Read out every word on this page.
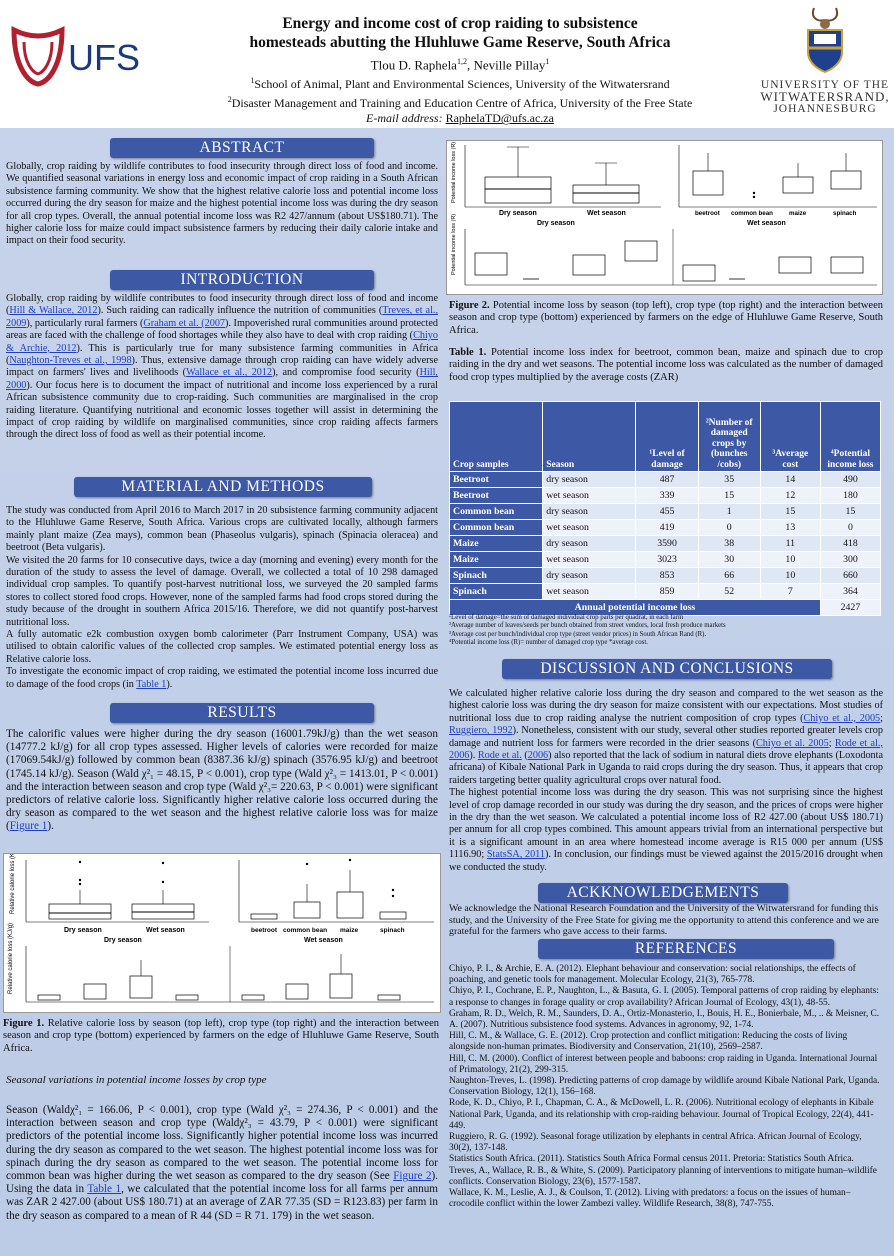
UFS
Energy and income cost of crop raiding to subsistence
homesteads abutting the Hluhluwe Game Reserve, South Africa
Tlou D. Raphela$^{1,2}$, Neville Pillay$^1$
$^1$School of Animal, Plant and Environmental Sciences, University of the Witwatersrand
$^2$Disaster Management and Training and Education Centre of Africa, University of the Free State
E-mail address: RaphelaTD@ufs.ac.za
UNIVERSITY OF THE
WITWATERSRAND,
JOHANNESBURG
ABSTRACT
Globally, crop raiding by wildlife contributes to food insecurity through direct loss of food and income. We quantified seasonal variations in energy loss and economic impact of crop raiding in a South African subsistence farming community. We show that the highest relative calorie loss and potential income loss occurred during the dry season for maize and the highest potential income loss was during the dry season for all crop types. Overall, the annual potential income loss was R2 427/annum (about US$180.71). The higher calorie loss for maize could impact subsistence farmers by reducing their daily calorie intake and impact on their food security.
INTRODUCTION
Globally, crop raiding by wildlife contributes to food insecurity through direct loss of food and income (Hill & Wallace, 2012). Such raiding can radically influence the nutrition of communities (Treves, et al., 2009), particularly rural farmers (Graham et al. (2007). Impoverished rural communities around protected areas are faced with the challenge of food shortages while they also have to deal with crop raiding (Chiyo & Archie, 2012). This is particularly true for many subsistence farming communities in Africa (Naughton-Treves et al., 1998). Thus, extensive damage through crop raiding can have widely adverse impact on farmers' lives and livelihoods (Wallace et al., 2012), and compromise food security (Hill, 2000). Our focus here is to document the impact of nutritional and income loss experienced by a rural African subsistence community due to crop-raiding. Such communities are marginalised in the crop raiding literature. Quantifying nutritional and economic losses together will assist in determining the impact of crop raiding by wildlife on marginalised communities, since crop raiding affects farmers through the direct loss of food as well as their potential income.
MATERIAL AND METHODS

The study was conducted from April 2016 to March 2017 in 20 subsistence farming community adjacent to the Hluhluwe Game Reserve, South Africa. Various crops are cultivated locally, although farmers mainly plant maize (Zea mays), common bean (Phaseolus vulgaris), spinach (Spinacia oleracea) and beetroot (Beta vulgaris).

We visited the 20 farms for 10 consecutive days, twice a day (morning and evening) every month for the duration of the study to assess the level of damage. Overall, we collected a total of 10 298 damaged individual crop samples. To quantify post-harvest nutritional loss, we surveyed the 20 sampled farms stores to collect stored food crops. However, none of the sampled farms had food crops stored during the study because of the drought in southern Africa 2015/16. Therefore, we did not quantify post-harvest nutritional loss.

A fully automatic e2k combustion oxygen bomb calorimeter (Parr Instrument Company, USA) was utilised to obtain calorific values of the collected crop samples. We estimated potential energy loss as Relative calorie loss.

To investigate the economic impact of crop raiding, we estimated the potential income loss incurred due to damage of the food crops (in Table 1).

RESULTS
The calorific values were higher during the dry season (16001.79kJ/g) than the wet season (14777.2 kJ/g) for all crop types assessed. Higher levels of calories were recorded for maize (17069.54kJ/g) followed by common bean (8387.36 kJ/g) spinach (3576.95 kJ/g) and beetroot (1745.14 kJ/g). Season (Wald χ²₁ = 48.15, P < 0.001), crop type (Wald χ²₃ = 1413.01, P < 0.001) and the interaction between season and crop type (Wald χ²₃= 220.63, P < 0.001) were significant predictors of relative calorie loss. Significantly higher relative calorie loss occurred during the dry season as compared to the wet season and the highest relative calorie loss was for maize (Figure 1).
Dry season	Wet season
Relative calorie loss (KJ/g)
beetroot common bean maize	spinach
Dry season	Wet season
Relative calorie loss (KJ/g)
Figure 1. Relative calorie loss by season (top left), crop type (top right) and the interaction between season and crop type (bottom) experienced by farmers on the edge of Hluhluwe Game Reserve, South Africa.
Seasonal variations in potential income losses by crop type
Season (Waldχ²₁ = 166.06, P < 0.001), crop type (Wald χ²₃ = 274.36, P < 0.001) and the interaction between season and crop type (Waldχ²₃ = 43.79, P < 0.001) were significant predictors of the potential income loss. Significantly higher potential income loss was incurred during the dry season as compared to the wet season. The highest potential income loss was for spinach during the dry season as compared to the wet season. The potential income loss for common bean was higher during the wet season as compared to the dry season (See Figure 2). Using the data in Table 1, we calculated that the potential income loss for all farms per annum was ZAR 2 427.00 (about US$ 180.71) at an average of ZAR 77.35 (SD = R123.83) per farm in the dry season as compared to a mean of R 44 (SD = R 71. 179) in the wet season.
Dry season	Wet season
Potential income loss (R)
beetroot common bean	maize	spinach
Dry season	Wet season
Potential income loss (R)
Figure 2. Potential income loss by season (top left), crop type (top right) and the interaction between season and crop type (bottom) experienced by farmers on the edge of Hluhluwe Game Reserve, South Africa.
Table 1. Potential income loss index for beetroot, common bean, maize and spinach due to crop raiding in the dry and wet seasons. The potential income loss was calculated as the number of damaged food crop types multiplied by the average costs (ZAR)
Crop samples	Season	¹Level of damage	²Number of damaged crops by (bunches /cobs)	³Average cost	⁴Potential income loss
Beetroot	dry season	487	35	14	490
Beetroot	wet season	339	15	12	180
Common bean	dry season	455	1	15	15
Common bean	wet season	419	0	13	0
Maize	dry season	3590	38	11	418
Maize	wet season	3023	30	10	300
Spinach	dry season	853	66	10	660
Spinach	wet season	859	52	7	364
Annual potential income loss					2427
¹Level of damage=the sum of damaged individual crop parts per quadrat, in each farm
²Average number of leaves/seeds per bunch obtained from street vendors, local fresh produce markets
³Average cost per bunch/individual crop type (street vendor prices) in South African Rand (R).
⁴Potential income loss (R)= number of damaged crop type *average cost.
DISCUSSION AND CONCLUSIONS

We calculated higher relative calorie loss during the dry season and compared to the wet season as the highest calorie loss was during the dry season for maize consistent with our expectations. Most studies of nutritional loss due to crop raiding analyse the nutrient composition of crop types (Chiyo et al., 2005; Ruggiero, 1992). Nonetheless, consistent with our study, several other studies reported greater levels crop damage and nutrient loss for farmers were recorded in the drier seasons (Chiyo et al. 2005; Rode et al., 2006). Rode et al. (2006) also reported that the lack of sodium in natural diets drove elephants (Loxodonta africana) of Kibale National Park in Uganda to raid crops during the dry season. Thus, it appears that crop raiders targeting better quality agricultural crops over natural food.

The highest potential income loss was during the dry season. This was not surprising since the highest level of crop damage recorded in our study was during the dry season, and the prices of crops were higher in the dry than the wet season. We calculated a potential income loss of R2 427.00 (about US$ 180.71) per annum for all crop types combined. This amount appears trivial from an international perspective but it is a significant amount in an area where homestead income average is R15 000 per annum (US$ 1116.90; StatsSA, 2011). In conclusion, our findings must be viewed against the 2015/2016 drought when we conducted the study.

ACKKNOWLEDGEMENTS
We acknowledge the National Research Foundation and the University of the Witwatersrand for funding this study, and the University of the Free State for giving me the opportunity to attend this conference and we are grateful for the farmers who gave access to their farms.
REFERENCES

Chiyo, P. I., & Archie, E. A. (2012). Elephant behaviour and conservation: social relationships, the effects of poaching, and genetic tools for management. Molecular Ecology, 21(3), 765-778.

Chiyo, P. I., Cochrane, E. P., Naughton, L., & Basuta, G. I. (2005). Temporal patterns of crop raiding by elephants: a response to changes in forage quality or crop availability? African Journal of Ecology, 43(1), 48-55.

Graham, R. D., Welch, R. M., Saunders, D. A., Ortiz-Monasterio, I., Bouis, H. E., Bonierbale, M., .. & Meisner, C. A. (2007). Nutritious subsistence food systems. Advances in agronomy, 92, 1-74.

Hill, C. M., & Wallace, G. E. (2012). Crop protection and conflict mitigation: Reducing the costs of living alongside non-human primates. Biodiversity and Conservation, 21(10), 2569–2587.

Hill, C. M. (2000). Conflict of interest between people and baboons: crop raiding in Uganda. International Journal of Primatology, 21(2), 299-315.

Naughton-Treves, L. (1998). Predicting patterns of crop damage by wildlife around Kibale National Park, Uganda. Conservation Biology, 12(1), 156–168.

Rode, K. D., Chiyo, P. I., Chapman, C. A., & McDowell, L. R. (2006). Nutritional ecology of elephants in Kibale National Park, Uganda, and its relationship with crop-raiding behaviour. Journal of Tropical Ecology, 22(4), 441-449.

Ruggiero, R. G. (1992). Seasonal forage utilization by elephants in central Africa. African Journal of Ecology, 30(2), 137-148.

Statistics South Africa. (2011). Statistics South Africa Formal census 2011. Pretoria: Statistics South Africa.

Treves, A., Wallace, R. B., & White, S. (2009). Participatory planning of interventions to mitigate human–wildlife conflicts. Conservation Biology, 23(6), 1577-1587.

Wallace, K. M., Leslie, A. J., & Coulson, T. (2012). Living with predators: a focus on the issues of human–crocodile conflict within the lower Zambezi valley. Wildlife Research, 38(8), 747-755.
